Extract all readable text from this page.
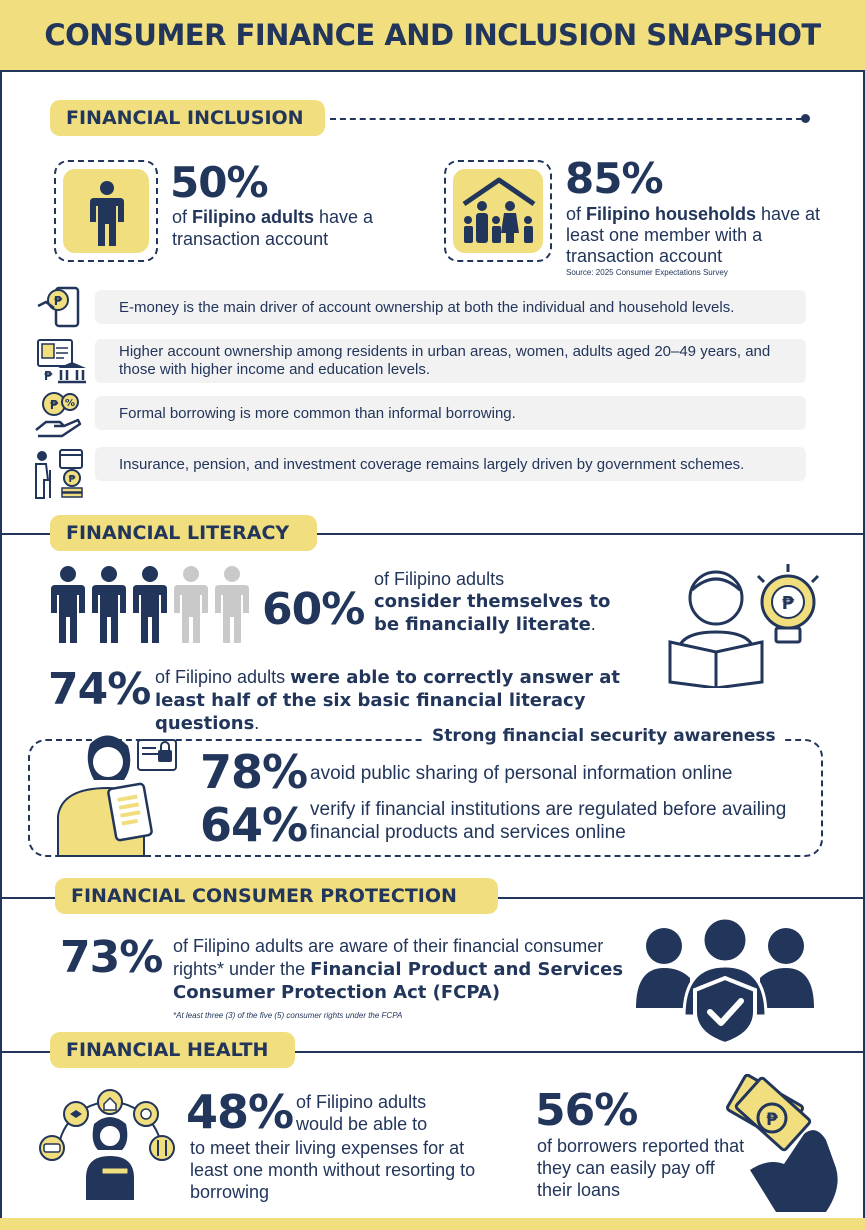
CONSUMER FINANCE AND INCLUSION SNAPSHOT
FINANCIAL INCLUSION
50%
of Filipino adults have a transaction account
85%
of Filipino households have at least one member with a transaction account
Source: 2025 Consumer Expectations Survey
₱	E-money is the main driver of account ownership at both the individual and household levels.
₱
Higher account ownership among residents in urban areas, women, adults aged 20–49 years, and those with higher income and education levels.
₱ %
Formal borrowing is more common than informal borrowing.
₱
Insurance, pension, and investment coverage remains largely driven by government schemes.
FINANCIAL LITERACY
60%
of Filipino adults
consider themselves to be financially literate.
₱
74% of Filipino adults were able to correctly answer at least half of the six basic financial literacy questions.
Strong financial security awareness
78% avoid public sharing of personal information online
64% verify if financial institutions are regulated before availing financial products and services online
FINANCIAL CONSUMER PROTECTION
73% of Filipino adults are aware of their financial consumer rights* under the Financial Product and Services Consumer Protection Act (FCPA)
*At least three (3) of the five (5) consumer rights under the FCPA
FINANCIAL HEALTH
48% of Filipino adults would be able to
to meet their living expenses for at least one month without resorting to borrowing
56%
of borrowers reported that they can easily pay off their loans
₱
